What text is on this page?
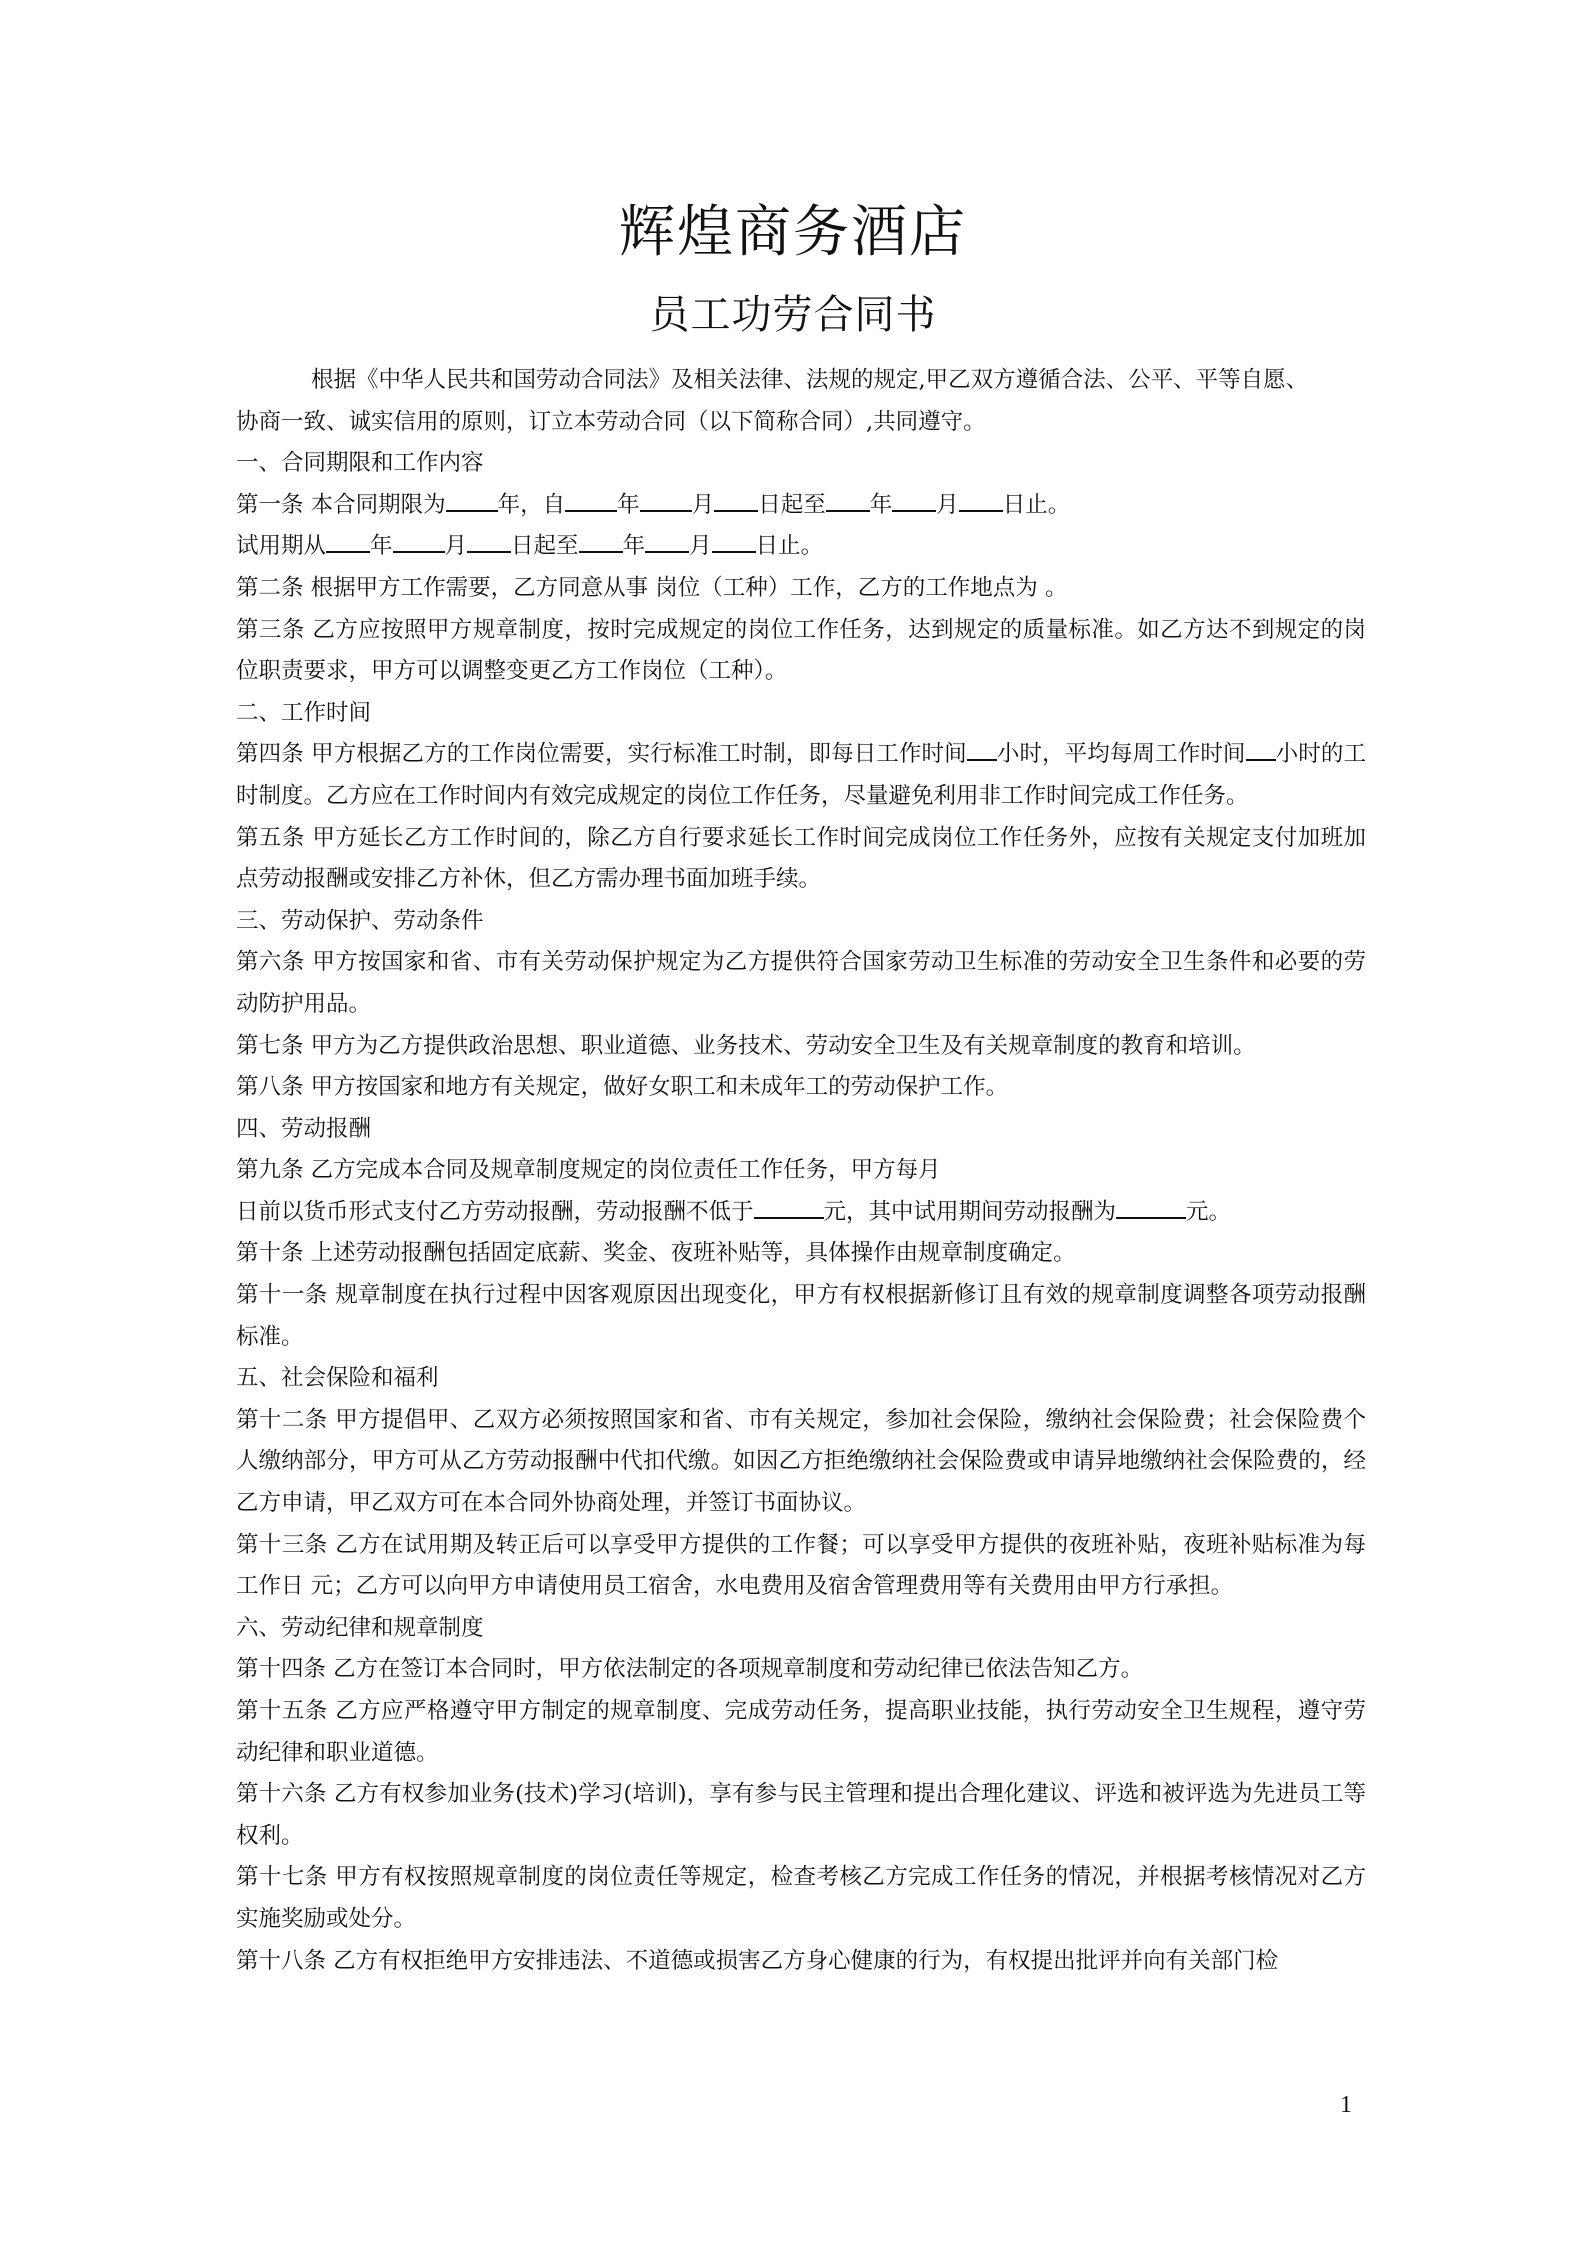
辉煌商务酒店
员工功劳合同书

根据《中华人民共和国劳动合同法》及相关法律、法规的规定,甲乙双方遵循合法、公平、平等自愿、

协商一致、诚实信用的原则，订立本劳动合同（以下简称合同）,共同遵守。

一、合同期限和工作内容

第一条 本合同期限为 年，自 年 月 日起至 年 月 日止。

试用期从 年 月 日起至 年 月 日止。

第二条 根据甲方工作需要，乙方同意从事 岗位（工种）工作，乙方的工作地点为 。

第三条 乙方应按照甲方规章制度，按时完成规定的岗位工作任务，达到规定的质量标准。如乙方达不到规定的岗位职责要求，甲方可以调整变更乙方工作岗位（工种）。

二、工作时间

第四条 甲方根据乙方的工作岗位需要，实行标准工时制，即每日工作时间 小时，平均每周工作时间 小时的工时制度。乙方应在工作时间内有效完成规定的岗位工作任务，尽量避免利用非工作时间完成工作任务。

第五条 甲方延长乙方工作时间的，除乙方自行要求延长工作时间完成岗位工作任务外，应按有关规定支付加班加点劳动报酬或安排乙方补休，但乙方需办理书面加班手续。

三、劳动保护、劳动条件

第六条 甲方按国家和省、市有关劳动保护规定为乙方提供符合国家劳动卫生标准的劳动安全卫生条件和必要的劳动防护用品。

第七条 甲方为乙方提供政治思想、职业道德、业务技术、劳动安全卫生及有关规章制度的教育和培训。

第八条 甲方按国家和地方有关规定，做好女职工和未成年工的劳动保护工作。

四、劳动报酬

第九条 乙方完成本合同及规章制度规定的岗位责任工作任务，甲方每月

日前以货币形式支付乙方劳动报酬，劳动报酬不低于	元，其中试用期间劳动报酬为	元。

第十条 上述劳动报酬包括固定底薪、奖金、夜班补贴等，具体操作由规章制度确定。

第十一条 规章制度在执行过程中因客观原因出现变化，甲方有权根据新修订且有效的规章制度调整各项劳动报酬标准。

五、社会保险和福利

第十二条 甲方提倡甲、乙双方必须按照国家和省、市有关规定，参加社会保险，缴纳社会保险费；社会保险费个人缴纳部分，甲方可从乙方劳动报酬中代扣代缴。如因乙方拒绝缴纳社会保险费或申请异地缴纳社会保险费的，经乙方申请，甲乙双方可在本合同外协商处理，并签订书面协议。

第十三条 乙方在试用期及转正后可以享受甲方提供的工作餐；可以享受甲方提供的夜班补贴，夜班补贴标准为每工作日 元；乙方可以向甲方申请使用员工宿舍，水电费用及宿舍管理费用等有关费用由甲方行承担。

六、劳动纪律和规章制度

第十四条 乙方在签订本合同时，甲方依法制定的各项规章制度和劳动纪律已依法告知乙方。

第十五条 乙方应严格遵守甲方制定的规章制度、完成劳动任务，提高职业技能，执行劳动安全卫生规程，遵守劳动纪律和职业道德。

第十六条 乙方有权参加业务(技术)学习(培训)，享有参与民主管理和提出合理化建议、评选和被评选为先进员工等权利。

第十七条 甲方有权按照规章制度的岗位责任等规定，检查考核乙方完成工作任务的情况，并根据考核情况对乙方实施奖励或处分。

第十八条 乙方有权拒绝甲方安排违法、不道德或损害乙方身心健康的行为，有权提出批评并向有关部门检

1
